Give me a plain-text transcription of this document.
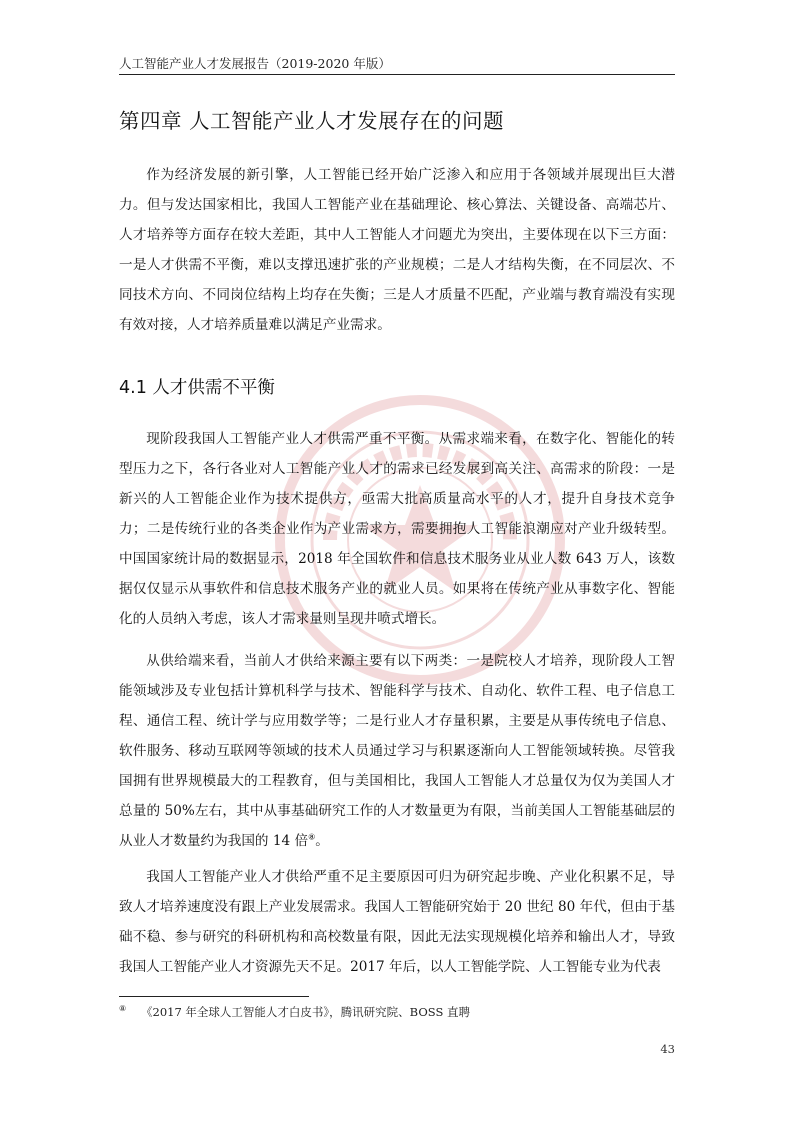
人工智能产业人才发展报告（2019-2020 年版）
第四章 人工智能产业人才发展存在的问题

作为经济发展的新引擎，人工智能已经开始广泛渗入和应用于各领域并展现出巨大潜力。但与发达国家相比，我国人工智能产业在基础理论、核心算法、关键设备、高端芯片、人才培养等方面存在较大差距，其中人工智能人才问题尤为突出，主要体现在以下三方面：一是人才供需不平衡，难以支撑迅速扩张的产业规模；二是人才结构失衡，在不同层次、不同技术方向、不同岗位结构上均存在失衡；三是人才质量不匹配，产业端与教育端没有实现有效对接，人才培养质量难以满足产业需求。

4.1 人才供需不平衡

现阶段我国人工智能产业人才供需严重不平衡。从需求端来看，在数字化、智能化的转型压力之下，各行各业对人工智能产业人才的需求已经发展到高关注、高需求的阶段：一是新兴的人工智能企业作为技术提供方，亟需大批高质量高水平的人才，提升自身技术竞争力；二是传统行业的各类企业作为产业需求方，需要拥抱人工智能浪潮应对产业升级转型。中国国家统计局的数据显示，2018 年全国软件和信息技术服务业从业人数 643 万人，该数据仅仅显示从事软件和信息技术服务产业的就业人员。如果将在传统产业从事数字化、智能化的人员纳入考虑，该人才需求量则呈现井喷式增长。

从供给端来看，当前人才供给来源主要有以下两类：一是院校人才培养，现阶段人工智能领域涉及专业包括计算机科学与技术、智能科学与技术、自动化、软件工程、电子信息工程、通信工程、统计学与应用数学等；二是行业人才存量积累，主要是从事传统电子信息、软件服务、移动互联网等领域的技术人员通过学习与积累逐渐向人工智能领域转换。尽管我国拥有世界规模最大的工程教育，但与美国相比，我国人工智能人才总量仅为仅为美国人才总量的 50%左右，其中从事基础研究工作的人才数量更为有限，当前美国人工智能基础层的从业人才数量约为我国的 14 倍⑧。

我国人工智能产业人才供给严重不足主要原因可归为研究起步晚、产业化积累不足，导致人才培养速度没有跟上产业发展需求。我国人工智能研究始于 20 世纪 80 年代，但由于基础不稳、参与研究的科研机构和高校数量有限，因此无法实现规模化培养和输出人才，导致我国人工智能产业人才资源先天不足。2017 年后，以人工智能学院、人工智能专业为代表

⑧ 《2017 年全球人工智能人才白皮书》，腾讯研究院、BOSS 直聘
43
